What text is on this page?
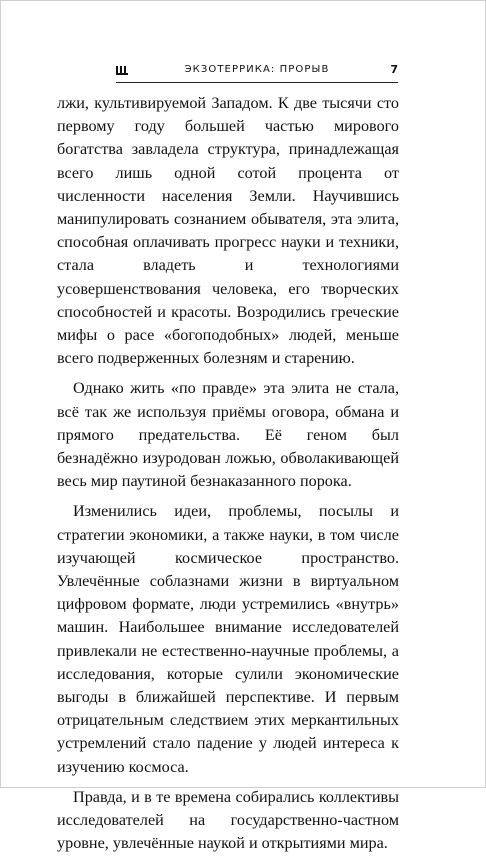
ЭКЗОТЕРРИКА: ПРОРЫВ	7

лжи, культивируемой Западом. К две тысячи сто первому году большей частью мирового богатства завладела структура, принадлежащая всего лишь одной сотой процента от численности населения Земли. Научившись манипулировать сознанием обывателя, эта элита, способная оплачивать прогресс науки и техники, стала владеть и технологиями усовершенствования человека, его творческих способностей и красоты. Возродились греческие мифы о расе «богоподобных» людей, меньше всего подверженных болезням и старению.

Однако жить «по правде» эта элита не стала, всё так же используя приёмы оговора, обмана и прямого предательства. Её геном был безнадёжно изуродован ложью, обволакивающей весь мир паутиной безнаказанного порока.

Изменились идеи, проблемы, посылы и стратегии экономики, а также науки, в том числе изучающей космическое пространство. Увлечённые соблазнами жизни в виртуальном цифровом формате, люди устремились «внутрь» машин. Наибольшее внимание исследователей привлекали не естественно-научные проблемы, а исследования, которые сулили экономические выгоды в ближайшей перспективе. И первым отрицательным следствием этих меркантильных устремлений стало падение у людей интереса к изучению космоса.

Правда, и в те времена собирались коллективы исследователей на государственно-частном уровне, увлечённые наукой и открытиями мира.
